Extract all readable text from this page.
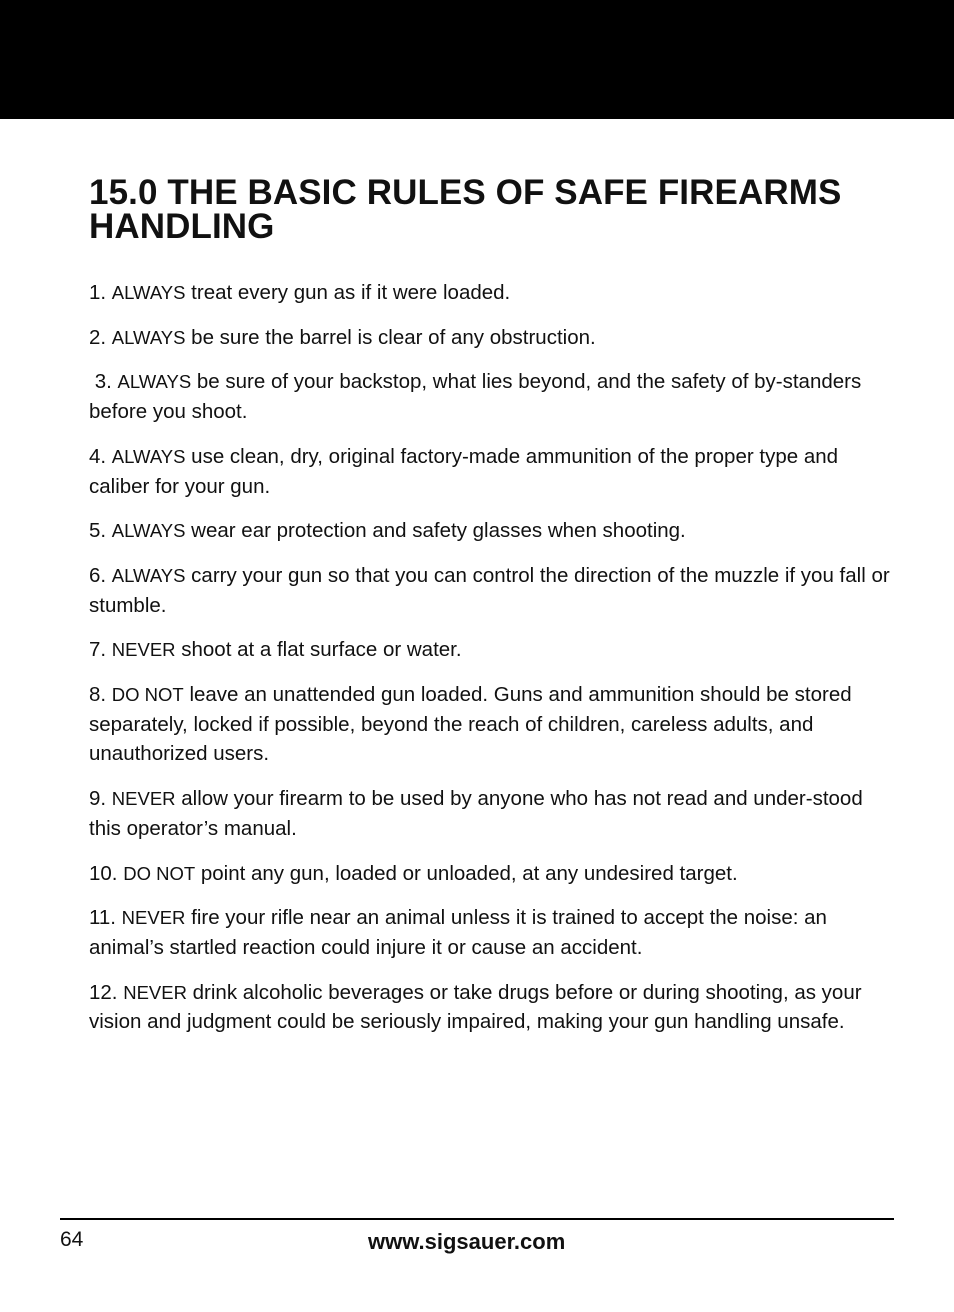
15.0 THE BASIC RULES OF SAFE FIREARMS HANDLING
1. ALWAYS treat every gun as if it were loaded.
2. ALWAYS be sure the barrel is clear of any obstruction.
3. ALWAYS be sure of your backstop, what lies beyond, and the safety of by-standers before you shoot.
4. ALWAYS use clean, dry, original factory-made ammunition of the proper type and caliber for your gun.
5. ALWAYS wear ear protection and safety glasses when shooting.
6. ALWAYS carry your gun so that you can control the direction of the muzzle if you fall or stumble.
7. NEVER shoot at a flat surface or water.
8. DO NOT leave an unattended gun loaded. Guns and ammunition should be stored separately, locked if possible, beyond the reach of children, careless adults, and unauthorized users.
9. NEVER allow your firearm to be used by anyone who has not read and under-stood this operator’s manual.
10. DO NOT point any gun, loaded or unloaded, at any undesired target.
11. NEVER fire your rifle near an animal unless it is trained to accept the noise: an animal’s startled reaction could injure it or cause an accident.
12. NEVER drink alcoholic beverages or take drugs before or during shooting, as your vision and judgment could be seriously impaired, making your gun handling unsafe.
64	www.sigsauer.com
